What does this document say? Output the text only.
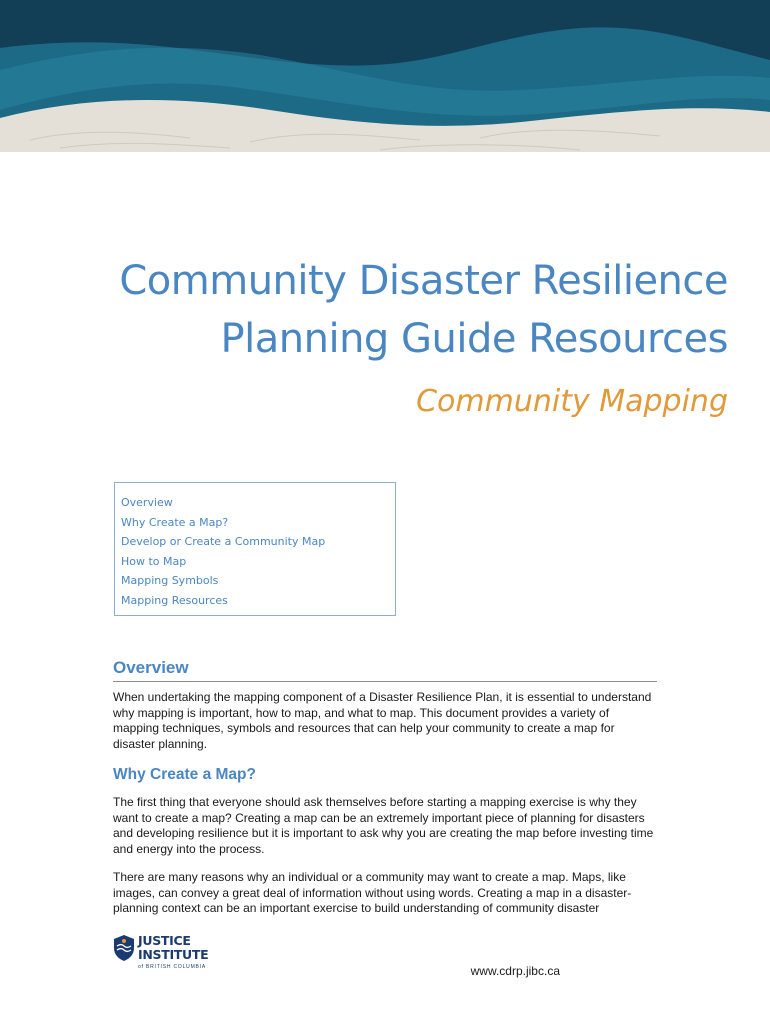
Community Disaster Resilience
Planning Guide Resources
Community Mapping
Overview
Why Create a Map?
Develop or Create a Community Map
How to Map
Mapping Symbols
Mapping Resources
Overview

When undertaking the mapping component of a Disaster Resilience Plan, it is essential to understand why mapping is important, how to map, and what to map. This document provides a variety of mapping techniques, symbols and resources that can help your community to create a map for disaster planning.

Why Create a Map?

The first thing that everyone should ask themselves before starting a mapping exercise is why they want to create a map? Creating a map can be an extremely important piece of planning for disasters and developing resilience but it is important to ask why you are creating the map before investing time and energy into the process.

There are many reasons why an individual or a community may want to create a map. Maps, like images, can convey a great deal of information without using words. Creating a map in a disaster-planning context can be an important exercise to build understanding of community disaster

JUSTICE
INSTITUTE
of BRITISH COLUMBIA	www.cdrp.jibc.ca
